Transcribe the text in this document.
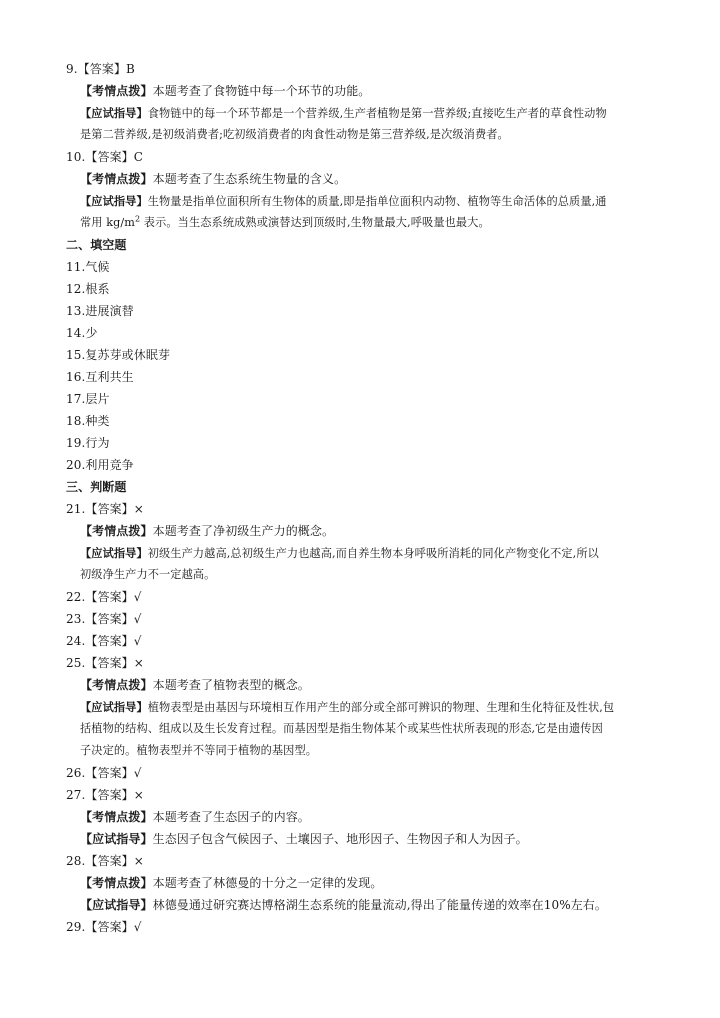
9.【答案】B
【考情点拨】本题考查了食物链中每一个环节的功能。
【应试指导】食物链中的每一个环节都是一个营养级,生产者植物是第一营养级;直接吃生产者的草食性动物
是第二营养级,是初级消费者;吃初级消费者的肉食性动物是第三营养级,是次级消费者。
10.【答案】C
【考情点拨】本题考查了生态系统生物量的含义。
【应试指导】生物量是指单位面积所有生物体的质量,即是指单位面积内动物、植物等生命活体的总质量,通
常用 $kg/m^2$ 表示。当生态系统成熟或演替达到顶级时,生物量最大,呼吸量也最大。
二、填空题
11.气候
12.根系
13.进展演替
14.少
15.复苏芽或休眠芽
16.互利共生
17.层片
18.种类
19.行为
20.利用竞争
三、判断题
21.【答案】×
【考情点拨】本题考查了净初级生产力的概念。
【应试指导】初级生产力越高,总初级生产力也越高,而自养生物本身呼吸所消耗的同化产物变化不定,所以
初级净生产力不一定越高。
22.【答案】√
23.【答案】√
24.【答案】√
25.【答案】×
【考情点拨】本题考查了植物表型的概念。
【应试指导】植物表型是由基因与环境相互作用产生的部分或全部可辨识的物理、生理和生化特征及性状,包
括植物的结构、组成以及生长发育过程。而基因型是指生物体某个或某些性状所表现的形态,它是由遗传因
子决定的。植物表型并不等同于植物的基因型。
26.【答案】√
27.【答案】×
【考情点拨】本题考查了生态因子的内容。
【应试指导】生态因子包含气候因子、土壤因子、地形因子、生物因子和人为因子。
28.【答案】×
【考情点拨】本题考查了林德曼的十分之一定律的发现。
【应试指导】林德曼通过研究赛达博格湖生态系统的能量流动,得出了能量传递的效率在10%左右。
29.【答案】√
